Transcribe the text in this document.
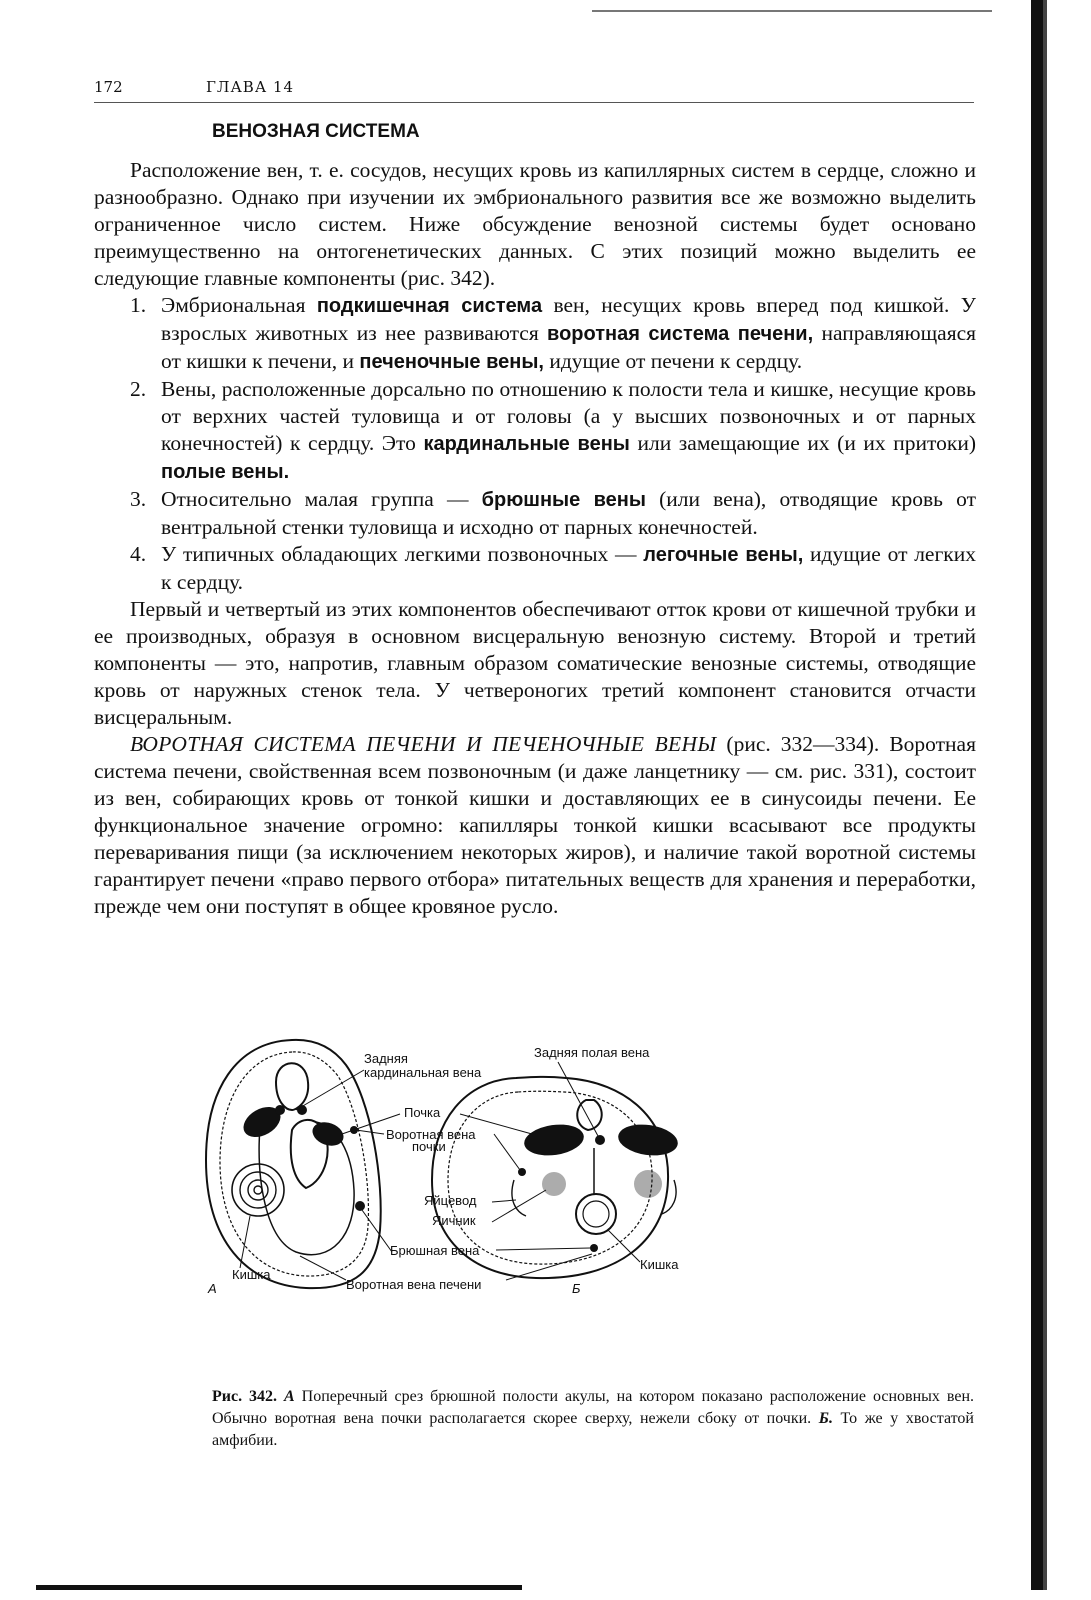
172	ГЛАВА 14
ВЕНОЗНАЯ СИСТЕМА

Расположение вен, т. е. сосудов, несущих кровь из капиллярных систем в сердце, сложно и разнообразно. Однако при изучении их эмбрионального развития все же возможно выделить ограниченное число систем. Ниже обсуждение венозной системы будет основано преимущественно на онтогенетических данных. С этих позиций можно выделить ее следующие главные компоненты (рис. 342).

1. Эмбриональная подкишечная система вен, несущих кровь вперед под кишкой. У взрослых животных из нее развиваются воротная система печени, направляющаяся от кишки к печени, и печеночные вены, идущие от печени к сердцу.
2. Вены, расположенные дорсально по отношению к полости тела и кишке, несущие кровь от верхних частей туловища и от головы (а у высших позвоночных и от парных конечностей) к сердцу. Это кардинальные вены или замещающие их (и их притоки) полые вены.
3. Относительно малая группа — брюшные вены (или вена), отводящие кровь от вентральной стенки туловища и исходно от парных конечностей.
4. У типичных обладающих легкими позвоночных — легочные вены, идущие от легких к сердцу.

Первый и четвертый из этих компонентов обеспечивают отток крови от кишечной трубки и ее производных, образуя в основном висцеральную венозную систему. Второй и третий компоненты — это, напротив, главным образом соматические венозные системы, отводящие кровь от наружных стенок тела. У четвероногих третий компонент становится отчасти висцеральным.

ВОРОТНАЯ СИСТЕМА ПЕЧЕНИ И ПЕЧЕНОЧНЫЕ ВЕНЫ (рис. 332—334). Воротная система печени, свойственная всем позвоночным (и даже ланцетнику — см. рис. 331), состоит из вен, собирающих кровь от тонкой кишки и доставляющих ее в синусоиды печени. Ее функциональное значение огромно: капилляры тонкой кишки всасывают все продукты переваривания пищи (за исключением некоторых жиров), и наличие такой воротной системы гарантирует печени «право первого отбора» питательных веществ для хранения и переработки, прежде чем они поступят в общее кровяное русло.

Задняя
кардинальная вена
Задняя полая вена
Почка
Воротная вена
почки
Яйцевод
Яичник
Брюшная вена
Кишка
Кишка
Воротная вена печени
А	Б
Рис. 342. А Поперечный срез брюшной полости акулы, на котором показано расположение основных вен. Обычно воротная вена почки располагается скорее сверху, нежели сбоку от почки. Б. То же у хвостатой амфибии.
